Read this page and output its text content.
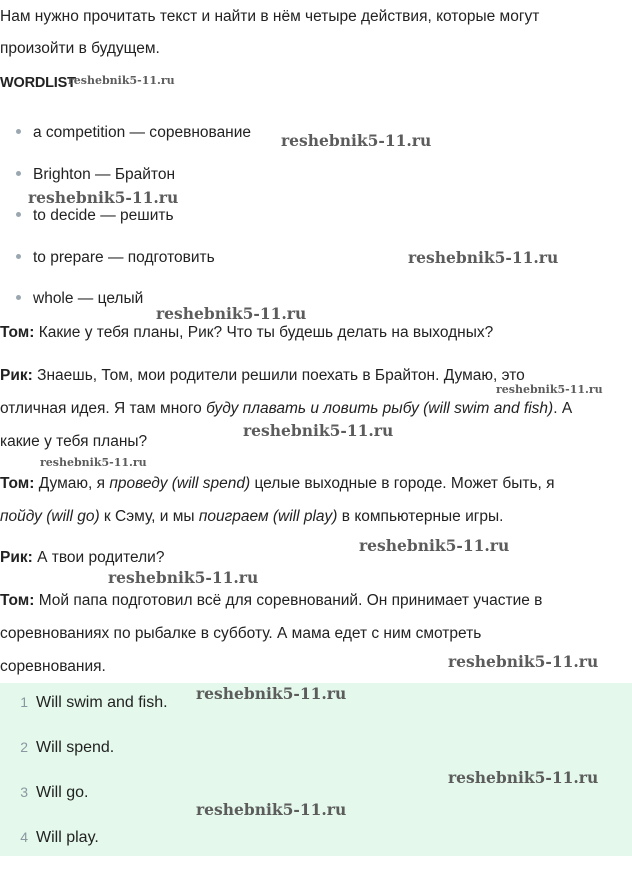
Нам нужно прочитать текст и найти в нём четыре действия, которые могут
произойти в будущем.
WORDLIST
a competition — соревнование
Brighton — Брайтон
to decide — решить
to prepare — подготовить
whole — целый
Том: Какие у тебя планы, Рик? Что ты будешь делать на выходных?
Рик: Знаешь, Том, мои родители решили поехать в Брайтон. Думаю, это
отличная идея. Я там много буду плавать и ловить рыбу (will swim and fish). А
какие у тебя планы?
Том: Думаю, я проведу (will spend) целые выходные в городе. Может быть, я
пойду (will go) к Сэму, и мы поиграем (will play) в компьютерные игры.
Рик: А твои родители?
Том: Мой папа подготовил всё для соревнований. Он принимает участие в
соревнованиях по рыбалке в субботу. А мама едет с ним смотреть
соревнования.
1 Will swim and fish.
2 Will spend.
3 Will go.
4 Will play.
reshebnik5-11.ru
reshebnik5-11.ru
reshebnik5-11.ru
reshebnik5-11.ru
reshebnik5-11.ru
reshebnik5-11.ru
reshebnik5-11.ru
reshebnik5-11.ru
reshebnik5-11.ru
reshebnik5-11.ru
reshebnik5-11.ru
reshebnik5-11.ru
reshebnik5-11.ru
reshebnik5-11.ru
